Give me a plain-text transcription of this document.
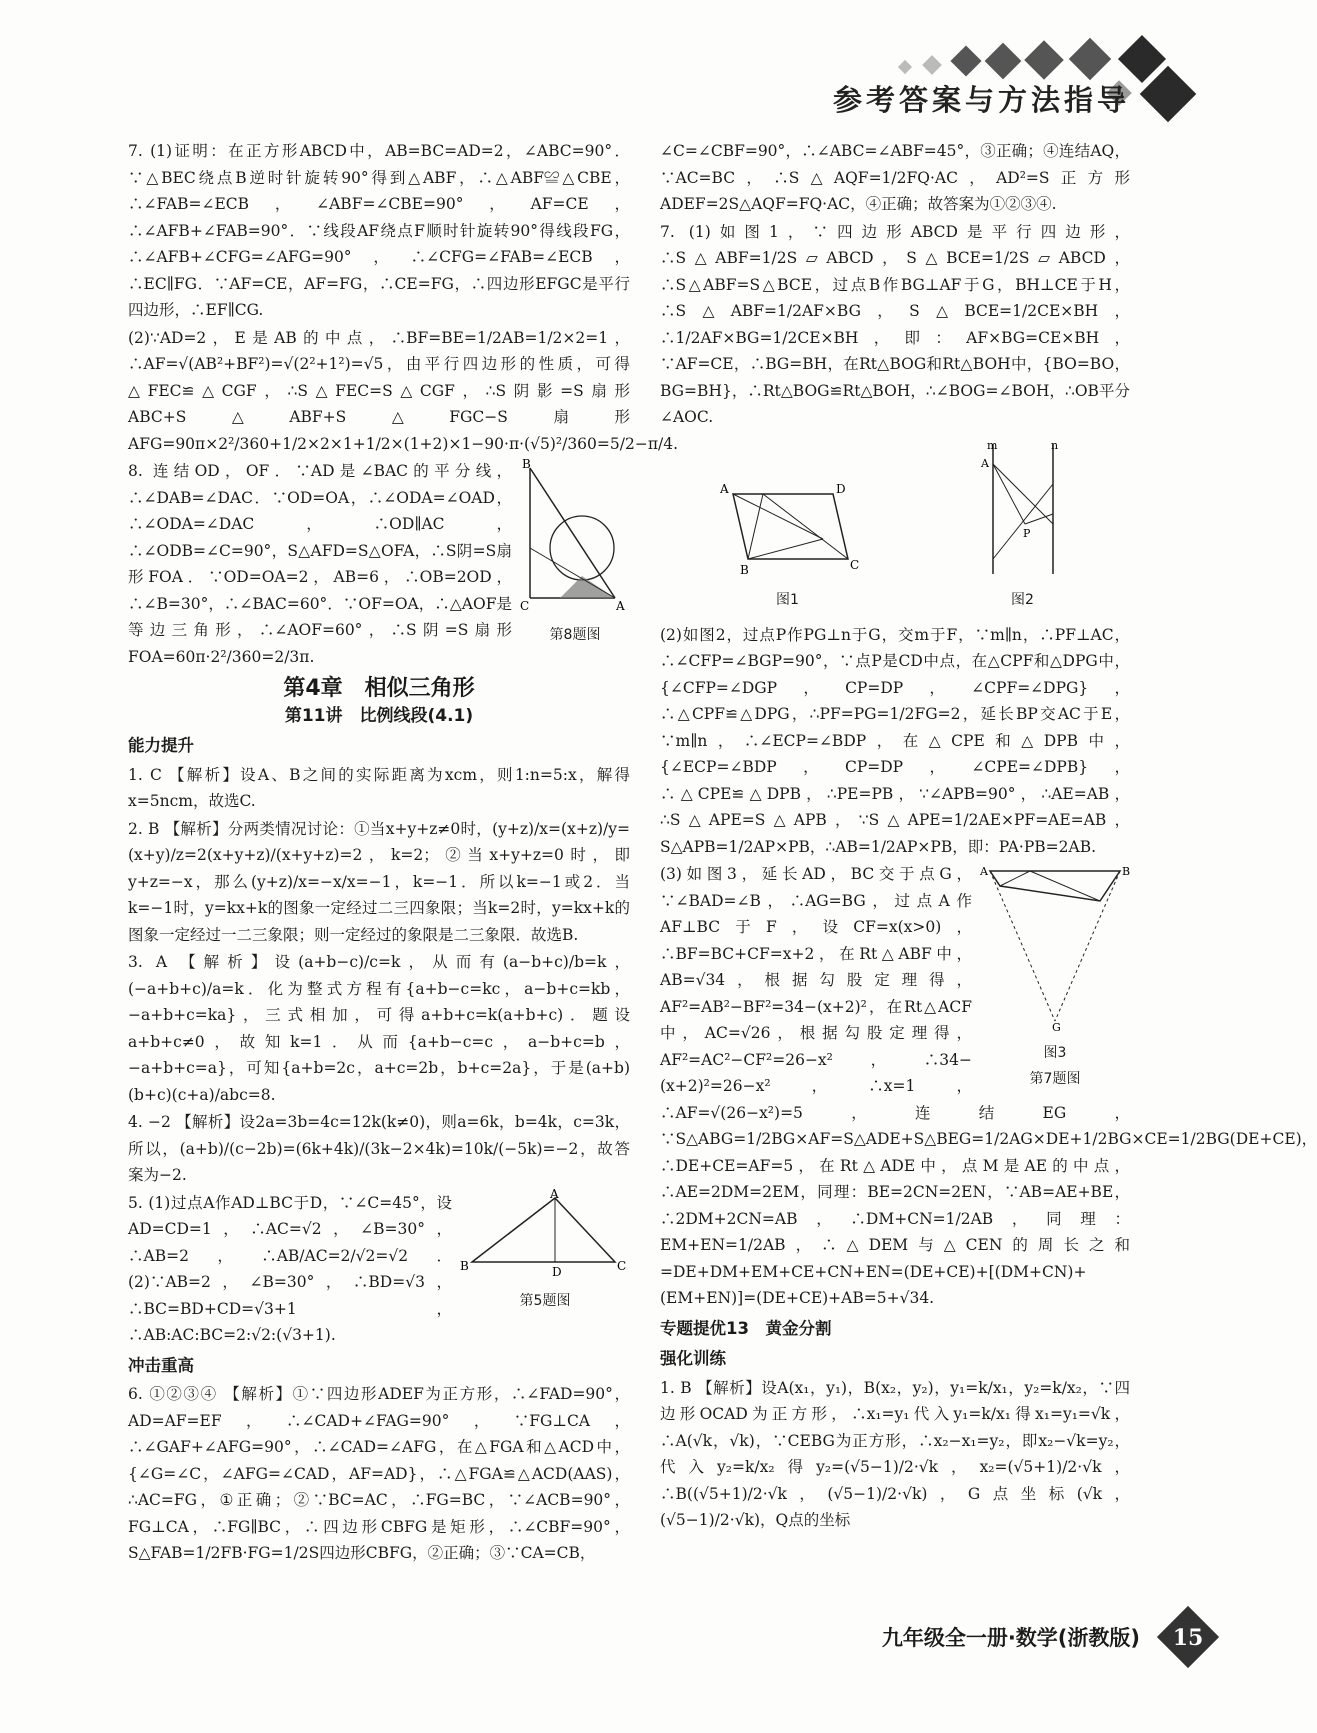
参考答案与方法指导

7. (1)证明：在正方形ABCD中，AB=BC=AD=2，∠ABC=90°．∵△BEC绕点B逆时针旋转90°得到△ABF，∴△ABF≌△CBE，∴∠FAB=∠ECB，∠ABF=∠CBE=90°，AF=CE，∴∠AFB+∠FAB=90°．∵线段AF绕点F顺时针旋转90°得线段FG，∴∠AFB+∠CFG=∠AFG=90°，∴∠CFG=∠FAB=∠ECB，∴EC∥FG．∵AF=CE，AF=FG，∴CE=FG，∴四边形EFGC是平行四边形，∴EF∥CG.

(2)∵AD=2，E是AB的中点，∴BF=BE=1/2AB=1/2×2=1，∴AF=√(AB²+BF²)=√(2²+1²)=√5，由平行四边形的性质，可得△FEC≌△CGF，∴S△FEC=S△CGF，∴S阴影=S扇形ABC+S△ABF+S△FGC−S扇形AFG=90π×2²/360+1/2×2×1+1/2×(1+2)×1−90·π·(√5)²/360=5/2−π/4.

B
C	A
第8题图

8. 连结OD，OF．∵AD是∠BAC的平分线，∴∠DAB=∠DAC．∵OD=OA，∴∠ODA=∠OAD，∴∠ODA=∠DAC，∴OD∥AC，∴∠ODB=∠C=90°，S△AFD=S△OFA，∴S阴=S扇形FOA．∵OD=OA=2，AB=6，∴OB=2OD，∴∠B=30°，∴∠BAC=60°．∵OF=OA，∴△AOF是等边三角形，∴∠AOF=60°，∴S阴=S扇形FOA=60π·2²/360=2/3π.

第4章　相似三角形
第11讲　比例线段(4.1)
能力提升

1. C 【解析】设A、B之间的实际距离为xcm，则1:n=5:x，解得x=5ncm，故选C.

2. B 【解析】分两类情况讨论：①当x+y+z≠0时，(y+z)/x=(x+z)/y=(x+y)/z=2(x+y+z)/(x+y+z)=2，k=2；②当x+y+z=0时，即y+z=−x，那么(y+z)/x=−x/x=−1，k=−1．所以k=−1或2．当k=−1时，y=kx+k的图象一定经过二三四象限；当k=2时，y=kx+k的图象一定经过一二三象限；则一定经过的象限是二三象限．故选B.

3. A 【解析】设(a+b−c)/c=k，从而有(a−b+c)/b=k，(−a+b+c)/a=k．化为整式方程有{a+b−c=kc，a−b+c=kb，−a+b+c=ka}，三式相加，可得a+b+c=k(a+b+c)．题设a+b+c≠0，故知k=1．从而{a+b−c=c，a−b+c=b，−a+b+c=a}，可知{a+b=2c，a+c=2b，b+c=2a}，于是(a+b)(b+c)(c+a)/abc=8.

4. −2 【解析】设2a=3b=4c=12k(k≠0)，则a=6k，b=4k，c=3k，所以，(a+b)/(c−2b)=(6k+4k)/(3k−2×4k)=10k/(−5k)=−2，故答案为−2.

B
A
C
D
第5题图

5. (1)过点A作AD⊥BC于D，∵∠C=45°，设AD=CD=1，∴AC=√2，∠B=30°，∴AB=2，∴AB/AC=2/√2=√2．(2)∵AB=2，∠B=30°，∴BD=√3，∴BC=BD+CD=√3+1，∴AB:AC:BC=2:√2:(√3+1).

冲击重高

6. ①②③④ 【解析】①∵四边形ADEF为正方形，∴∠FAD=90°，AD=AF=EF，∴∠CAD+∠FAG=90°，∵FG⊥CA，∴∠GAF+∠AFG=90°，∴∠CAD=∠AFG，在△FGA和△ACD中，{∠G=∠C，∠AFG=∠CAD，AF=AD}，∴△FGA≌△ACD(AAS)，∴AC=FG，①正确；②∵BC=AC，∴FG=BC，∵∠ACB=90°，FG⊥CA，∴FG∥BC，∴四边形CBFG是矩形，∴∠CBF=90°，S△FAB=1/2FB·FG=1/2S四边形CBFG，②正确；③∵CA=CB，

∠C=∠CBF=90°，∴∠ABC=∠ABF=45°，③正确；④连结AQ，∵AC=BC，∴S△AQF=1/2FQ·AC，AD²=S正方形ADEF=2S△AQF=FQ·AC，④正确；故答案为①②③④.

7. (1)如图1，∵四边形ABCD是平行四边形，∴S△ABF=1/2S▱ABCD，S△BCE=1/2S▱ABCD，∴S△ABF=S△BCE，过点B作BG⊥AF于G，BH⊥CE于H，∴S△ABF=1/2AF×BG，S△BCE=1/2CE×BH，∴1/2AF×BG=1/2CE×BH，即：AF×BG=CE×BH，∵AF=CE，∴BG=BH，在Rt△BOG和Rt△BOH中，{BO=BO，BG=BH}，∴Rt△BOG≌Rt△BOH，∴∠BOG=∠BOH，∴OB平分∠AOC.

A	D
B	C
图1
m	n
A
P
图2

(2)如图2，过点P作PG⊥n于G，交m于F，∵m∥n，∴PF⊥AC，∴∠CFP=∠BGP=90°，∵点P是CD中点，在△CPF和△DPG中，{∠CFP=∠DGP，CP=DP，∠CPF=∠DPG}，∴△CPF≌△DPG，∴PF=PG=1/2FG=2，延长BP交AC于E，∵m∥n，∴∠ECP=∠BDP，在△CPE和△DPB中，{∠ECP=∠BDP，CP=DP，∠CPE=∠DPB}，∴△CPE≌△DPB，∴PE=PB，∵∠APB=90°，∴AE=AB，∴S△APE=S△APB，∵S△APE=1/2AE×PF=AE=AB，S△APB=1/2AP×PB，∴AB=1/2AP×PB，即：PA·PB=2AB.

A	B
G
图3
第7题图

(3)如图3，延长AD，BC交于点G，∵∠BAD=∠B，∴AG=BG，过点A作AF⊥BC于F，设CF=x(x>0)，∴BF=BC+CF=x+2，在Rt△ABF中，AB=√34，根据勾股定理得，AF²=AB²−BF²=34−(x+2)²，在Rt△ACF中，AC=√26，根据勾股定理得，AF²=AC²−CF²=26−x²，∴34−(x+2)²=26−x²，∴x=1，∴AF=√(26−x²)=5，连结EG，∵S△ABG=1/2BG×AF=S△ADE+S△BEG=1/2AG×DE+1/2BG×CE=1/2BG(DE+CE)，∴DE+CE=AF=5，在Rt△ADE中，点M是AE的中点，∴AE=2DM=2EM，同理：BE=2CN=2EN，∵AB=AE+BE，∴2DM+2CN=AB，∴DM+CN=1/2AB，同理：EM+EN=1/2AB，∴△DEM与△CEN的周长之和=DE+DM+EM+CE+CN+EN=(DE+CE)+[(DM+CN)+(EM+EN)]=(DE+CE)+AB=5+√34.

专题提优13　黄金分割
强化训练

1. B 【解析】设A(x₁，y₁)，B(x₂，y₂)，y₁=k/x₁，y₂=k/x₂，∵四边形OCAD为正方形，∴x₁=y₁代入y₁=k/x₁得x₁=y₁=√k，∴A(√k，√k)，∵CEBG为正方形，∴x₂−x₁=y₂，即x₂−√k=y₂，代入y₂=k/x₂得y₂=(√5−1)/2·√k，x₂=(√5+1)/2·√k，∴B((√5+1)/2·√k，(√5−1)/2·√k)，G点坐标(√k，(√5−1)/2·√k)，Q点的坐标

九年级全一册·数学(浙教版) 15
